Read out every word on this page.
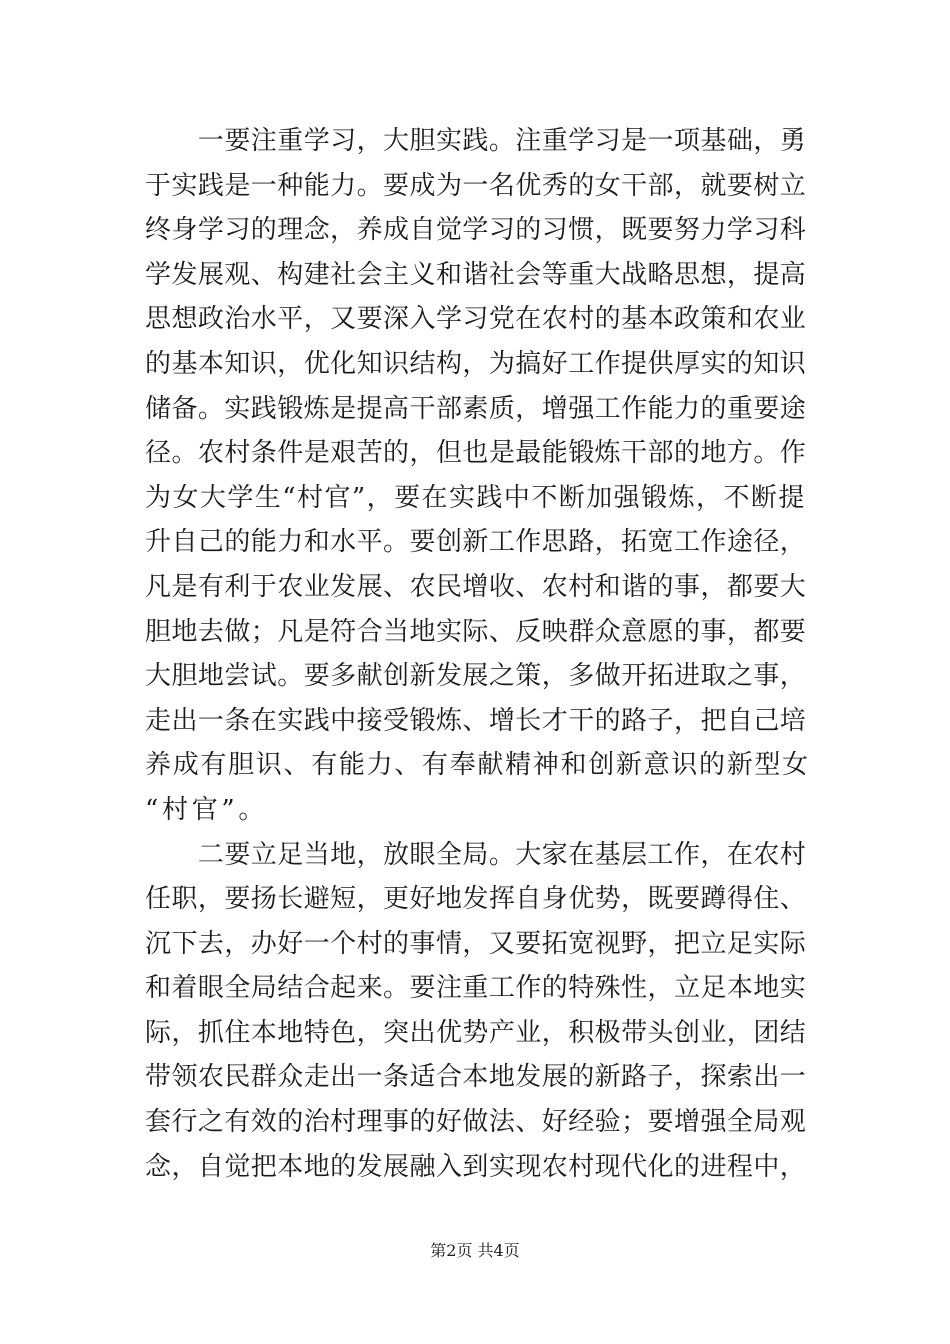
　　一要注重学习，大胆实践。注重学习是一项基础，勇
于实践是一种能力。要成为一名优秀的女干部，就要树立
终身学习的理念，养成自觉学习的习惯，既要努力学习科
学发展观、构建社会主义和谐社会等重大战略思想，提高
思想政治水平，又要深入学习党在农村的基本政策和农业
的基本知识，优化知识结构，为搞好工作提供厚实的知识
储备。实践锻炼是提高干部素质，增强工作能力的重要途
径。农村条件是艰苦的，但也是最能锻炼干部的地方。作
为女大学生“村官”，要在实践中不断加强锻炼，不断提
升自己的能力和水平。要创新工作思路，拓宽工作途径，
凡是有利于农业发展、农民增收、农村和谐的事，都要大
胆地去做；凡是符合当地实际、反映群众意愿的事，都要
大胆地尝试。要多献创新发展之策，多做开拓进取之事，
走出一条在实践中接受锻炼、增长才干的路子，把自己培
养成有胆识、有能力、有奉献精神和创新意识的新型女
“村官”。
　　二要立足当地，放眼全局。大家在基层工作，在农村
任职，要扬长避短，更好地发挥自身优势，既要蹲得住、
沉下去，办好一个村的事情，又要拓宽视野，把立足实际
和着眼全局结合起来。要注重工作的特殊性，立足本地实
际，抓住本地特色，突出优势产业，积极带头创业，团结
带领农民群众走出一条适合本地发展的新路子，探索出一
套行之有效的治村理事的好做法、好经验；要增强全局观
念，自觉把本地的发展融入到实现农村现代化的进程中，
第2页 共4页
